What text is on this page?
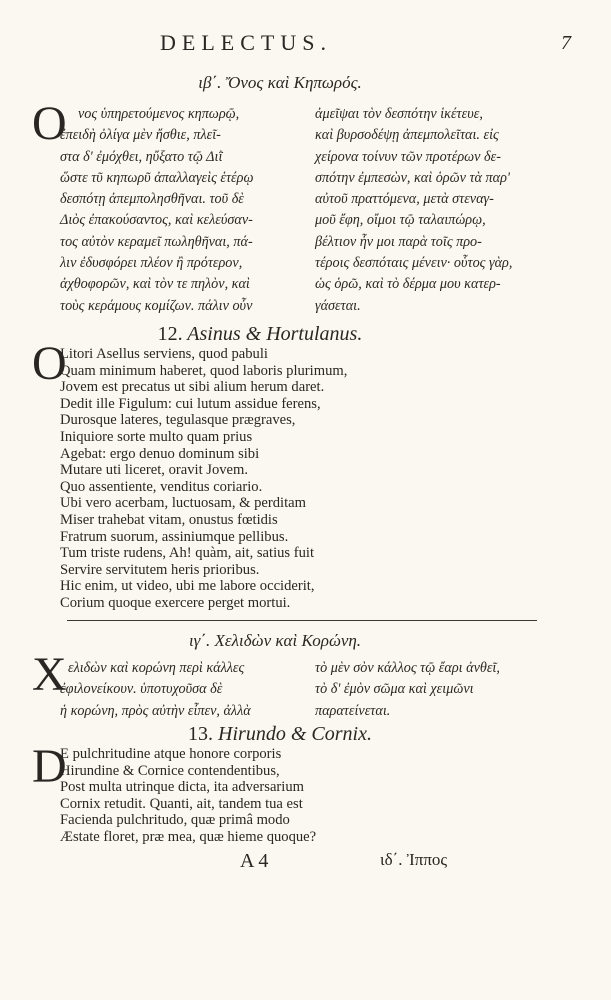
DELECTUS.	7
ιβ΄. Ὄνος καὶ Κηπωρός.
Ο νος ὑπηρετούμενος κηπωρῷ,
ἐπειδὴ ὀλίγα μὲν ἤσθιε, πλεῖ-
στα δ' ἐμόχθει, ηὔξατο τῷ Διῒ
ὥστε τῦ κηπωρῦ ἀπαλλαγεὶς ἑτέρῳ
δεσπότῃ ἀπεμπολησθῆναι. τοῦ δὲ
Διὸς ἐπακούσαντος, καὶ κελεύσαν-
τος αὐτὸν κεραμεῖ πωληθῆναι, πά-
λιν ἐδυσφόρει πλέον ἢ πρότερον,
ἀχθοφορῶν, καὶ τὸν τε πηλὸν, καὶ
τοὺς κεράμους κομίζων. πάλιν οὖν
ἀμεῖψαι τὸν δεσπότην ἱκέτευε,
καὶ βυρσοδέψῃ ἀπεμπολεῖται. εἰς
χείρονα τοίνυν τῶν προτέρων δε-
σπότην ἐμπεσὼν, καὶ ὁρῶν τὰ παρ'
αὐτοῦ πραττόμενα, μετὰ στεναγ-
μοῦ ἔφη, οἴμοι τῷ ταλαιπώρῳ,
βέλτιον ἦν μοι παρὰ τοῖς προ-
τέροις δεσπόταις μένειν· οὗτος γὰρ,
ὡς ὁρῶ, καὶ τὸ δέρμα μου κατερ-
γάσεται.
12. Asinus & Hortulanus.
O
Litori Asellus serviens, quod pabuli
Quam minimum haberet, quod laboris plurimum,
Jovem est precatus ut sibi alium herum daret.
Dedit ille Figulum: cui lutum assidue ferens,
Durosque lateres, tegulasque prægraves,
Iniquiore sorte multo quam prius
Agebat: ergo denuo dominum sibi
Mutare uti liceret, oravit Jovem.
Quo assentiente, venditus coriario.
Ubi vero acerbam, luctuosam, & perditam
Miser trahebat vitam, onustus fœtidis
Fratrum suorum, assiniumque pellibus.
Tum triste rudens, Ah! quàm, ait, satius fuit
Servire servitutem heris prioribus.
Hic enim, ut video, ubi me labore occiderit,
Corium quoque exercere perget mortui.
ιγ΄. Χελιδὼν καὶ Κορώνη.
Χ ελιδὼν καὶ κορώνη περὶ κάλλες
ἐφιλονείκουν. ὑποτυχοῦσα δὲ
ἡ κορώνη, πρὸς αὐτὴν εἶπεν, ἀλλὰ
τὸ μὲν σὸν κάλλος τῷ ἔαρι ἀνθεῖ,
τὸ δ' ἐμὸν σῶμα καὶ χειμῶνι
παρατείνεται.
13. Hirundo & Cornix.
D
E pulchritudine atque honore corporis
Hirundine & Cornice contendentibus,
Post multa utrinque dicta, ita adversarium
Cornix retudit. Quanti, ait, tandem tua est
Facienda pulchritudo, quæ primâ modo
Æstate floret, præ mea, quæ hieme quoque?
A 4	ιδ΄. Ἰππος
